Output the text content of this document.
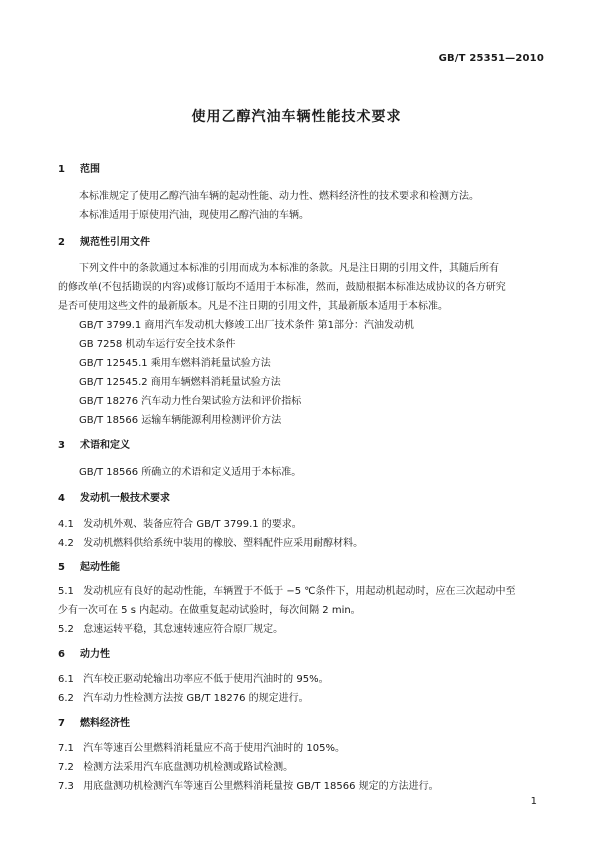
GB/T 25351—2010
使用乙醇汽油车辆性能技术要求
1 范围
本标准规定了使用乙醇汽油车辆的起动性能、动力性、燃料经济性的技术要求和检测方法。
本标准适用于原使用汽油，现使用乙醇汽油的车辆。
2 规范性引用文件
下列文件中的条款通过本标准的引用而成为本标准的条款。凡是注日期的引用文件，其随后所有
的修改单(不包括勘误的内容)或修订版均不适用于本标准，然而，鼓励根据本标准达成协议的各方研究
是否可使用这些文件的最新版本。凡是不注日期的引用文件，其最新版本适用于本标准。
GB/T 3799.1 商用汽车发动机大修竣工出厂技术条件 第1部分：汽油发动机
GB 7258 机动车运行安全技术条件
GB/T 12545.1 乘用车燃料消耗量试验方法
GB/T 12545.2 商用车辆燃料消耗量试验方法
GB/T 18276 汽车动力性台架试验方法和评价指标
GB/T 18566 运输车辆能源利用检测评价方法
3 术语和定义
GB/T 18566 所确立的术语和定义适用于本标准。
4 发动机一般技术要求
4.1 发动机外观、装备应符合 GB/T 3799.1 的要求。
4.2 发动机燃料供给系统中装用的橡胶、塑料配件应采用耐醇材料。
5 起动性能
5.1 发动机应有良好的起动性能，车辆置于不低于 −5 ℃条件下，用起动机起动时，应在三次起动中至
少有一次可在 5 s 内起动。在做重复起动试验时，每次间隔 2 min。
5.2 怠速运转平稳，其怠速转速应符合原厂规定。
6 动力性
6.1 汽车校正驱动轮输出功率应不低于使用汽油时的 95%。
6.2 汽车动力性检测方法按 GB/T 18276 的规定进行。
7 燃料经济性
7.1 汽车等速百公里燃料消耗量应不高于使用汽油时的 105%。
7.2 检测方法采用汽车底盘测功机检测或路试检测。
7.3 用底盘测功机检测汽车等速百公里燃料消耗量按 GB/T 18566 规定的方法进行。
1
